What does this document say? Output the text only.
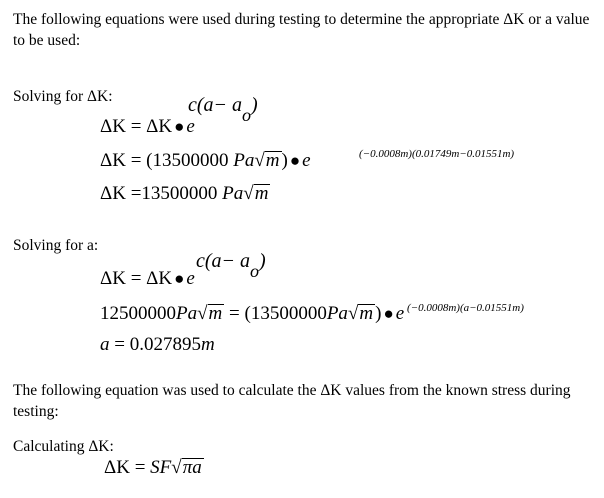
The following equations were used during testing to determine the appropriate ΔK or a value to be used:
Solving for ΔK:
ΔK = ΔK ● e
c(a− ao)
ΔK = (13500000 Pa√m ) ● e	(−0.0008m)(0.01749m−0.01551m)
ΔK =13500000 Pa√m
Solving for a:
ΔK = ΔK ● e
c(a− ao)
12500000Pa√m = (13500000Pa√m ) ● e (−0.0008m)(a−0.01551m)
a = 0.027895m
The following equation was used to calculate the ΔK values from the known stress during testing:
Calculating ΔK:
ΔK = SF√πa
